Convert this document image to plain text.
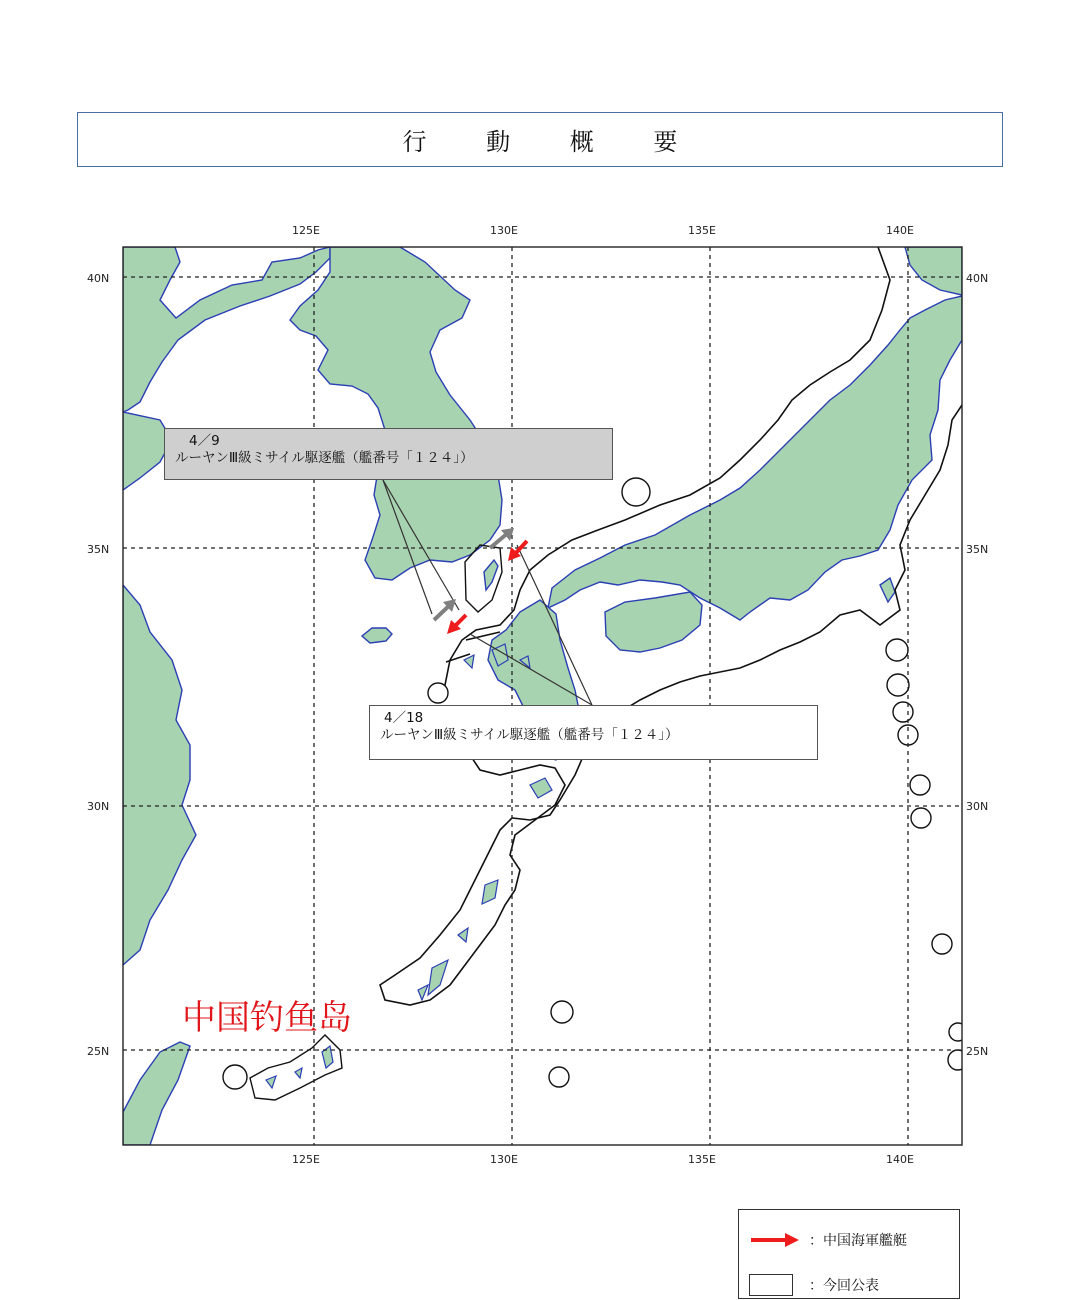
行 動 概 要
125E	130E	135E	140E
125E	130E	135E	140E
40N
35N
30N
25N
40N
35N
30N
25N
4／9
ルーヤンⅢ級ミサイル駆逐艦（艦番号「１２４」）
4／18
ルーヤンⅢ級ミサイル駆逐艦（艦番号「１２４」）
中国钓鱼岛
：中国海軍艦艇
：今回公表
